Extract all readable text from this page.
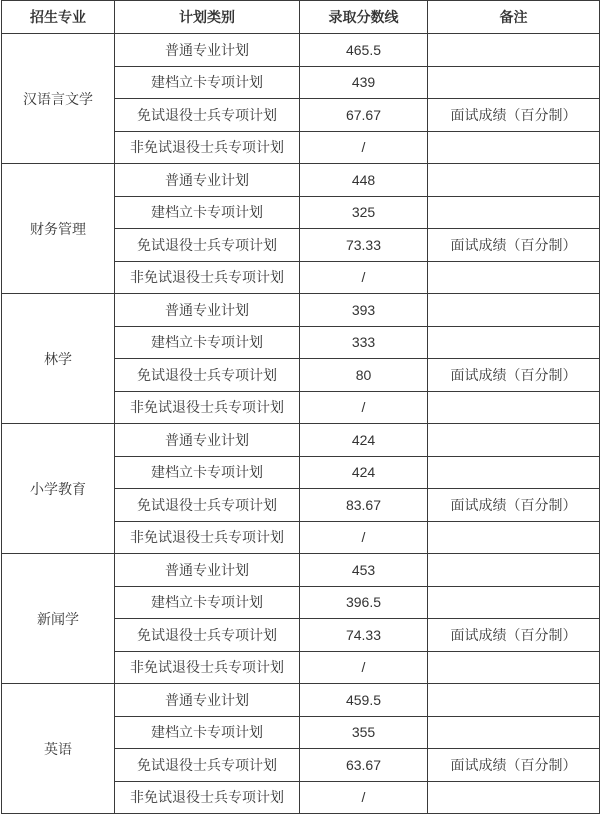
招生专业	计划类别	录取分数线	备注
汉语言文学	普通专业计划	465.5	
	建档立卡专项计划	439	
	免试退役士兵专项计划	67.67	面试成绩（百分制）
	非免试退役士兵专项计划	/	
财务管理	普通专业计划	448	
	建档立卡专项计划	325	
	免试退役士兵专项计划	73.33	面试成绩（百分制）
	非免试退役士兵专项计划	/	
林学	普通专业计划	393	
	建档立卡专项计划	333	
	免试退役士兵专项计划	80	面试成绩（百分制）
	非免试退役士兵专项计划	/	
小学教育	普通专业计划	424	
	建档立卡专项计划	424	
	免试退役士兵专项计划	83.67	面试成绩（百分制）
	非免试退役士兵专项计划	/	
新闻学	普通专业计划	453	
	建档立卡专项计划	396.5	
	免试退役士兵专项计划	74.33	面试成绩（百分制）
	非免试退役士兵专项计划	/	
英语	普通专业计划	459.5	
	建档立卡专项计划	355	
	免试退役士兵专项计划	63.67	面试成绩（百分制）
	非免试退役士兵专项计划	/	
